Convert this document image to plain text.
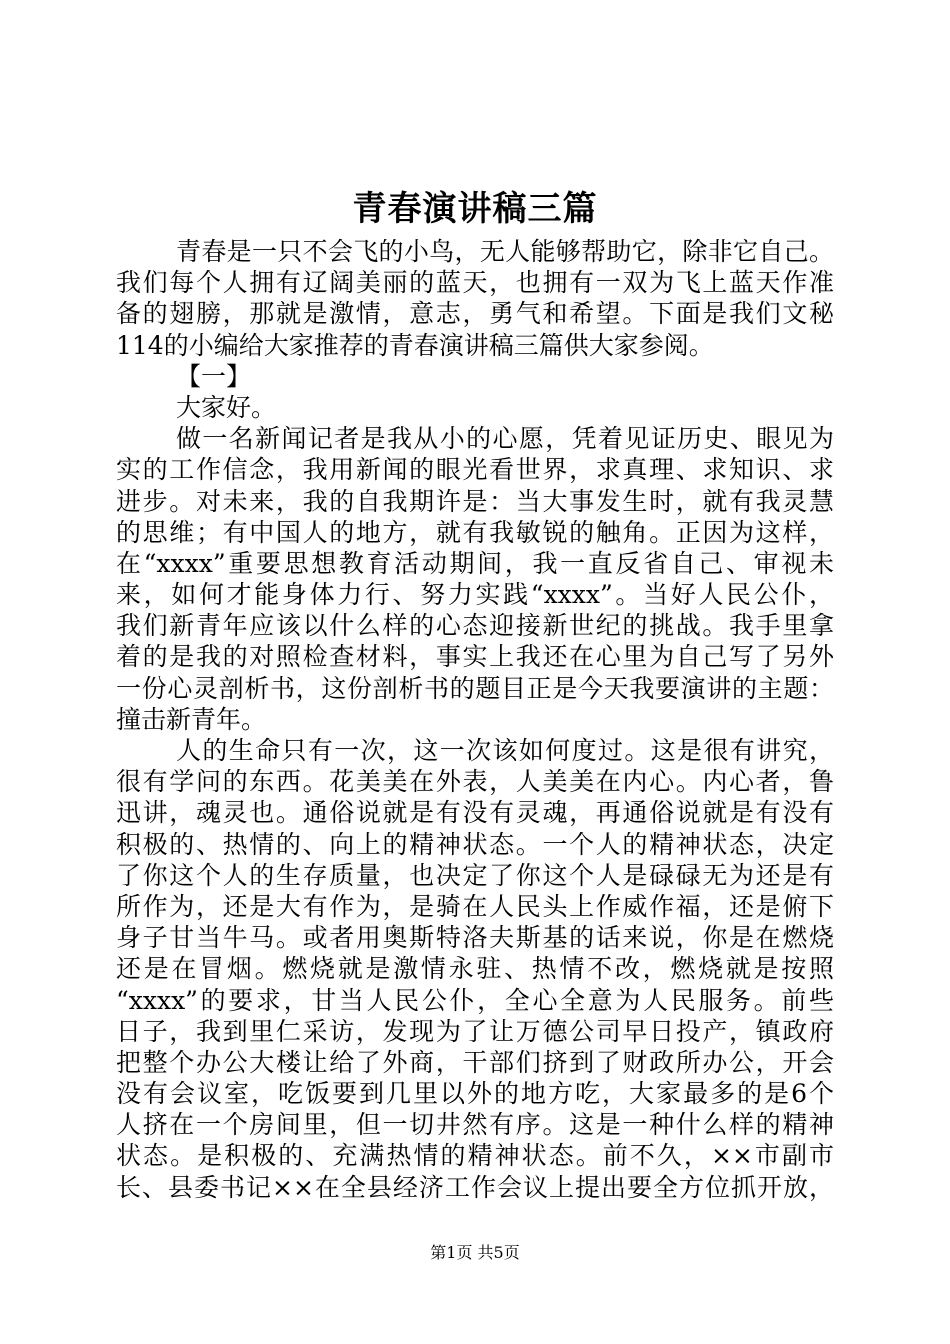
青春演讲稿三篇
青春是一只不会飞的小鸟，无人能够帮助它，除非它自己。
我们每个人拥有辽阔美丽的蓝天，也拥有一双为飞上蓝天作准
备的翅膀，那就是激情，意志，勇气和希望。下面是我们文秘
114的小编给大家推荐的青春演讲稿三篇供大家参阅。
【一】
大家好。
做一名新闻记者是我从小的心愿，凭着见证历史、眼见为
实的工作信念，我用新闻的眼光看世界，求真理、求知识、求
进步。对未来，我的自我期许是：当大事发生时，就有我灵慧
的思维；有中国人的地方，就有我敏锐的触角。正因为这样，
在“xxxx”重要思想教育活动期间，我一直反省自己、审视未
来，如何才能身体力行、努力实践“xxxx”。当好人民公仆，
我们新青年应该以什么样的心态迎接新世纪的挑战。我手里拿
着的是我的对照检查材料，事实上我还在心里为自己写了另外
一份心灵剖析书，这份剖析书的题目正是今天我要演讲的主题：
撞击新青年。
人的生命只有一次，这一次该如何度过。这是很有讲究，
很有学问的东西。花美美在外表，人美美在内心。内心者，鲁
迅讲，魂灵也。通俗说就是有没有灵魂，再通俗说就是有没有
积极的、热情的、向上的精神状态。一个人的精神状态，决定
了你这个人的生存质量，也决定了你这个人是碌碌无为还是有
所作为，还是大有作为，是骑在人民头上作威作福，还是俯下
身子甘当牛马。或者用奥斯特洛夫斯基的话来说，你是在燃烧
还是在冒烟。燃烧就是激情永驻、热情不改，燃烧就是按照
“xxxx”的要求，甘当人民公仆，全心全意为人民服务。前些
日子，我到里仁采访，发现为了让万德公司早日投产，镇政府
把整个办公大楼让给了外商，干部们挤到了财政所办公，开会
没有会议室，吃饭要到几里以外的地方吃，大家最多的是6个
人挤在一个房间里，但一切井然有序。这是一种什么样的精神
状态。是积极的、充满热情的精神状态。前不久，××市副市
长、县委书记××在全县经济工作会议上提出要全方位抓开放，
第1页 共5页
